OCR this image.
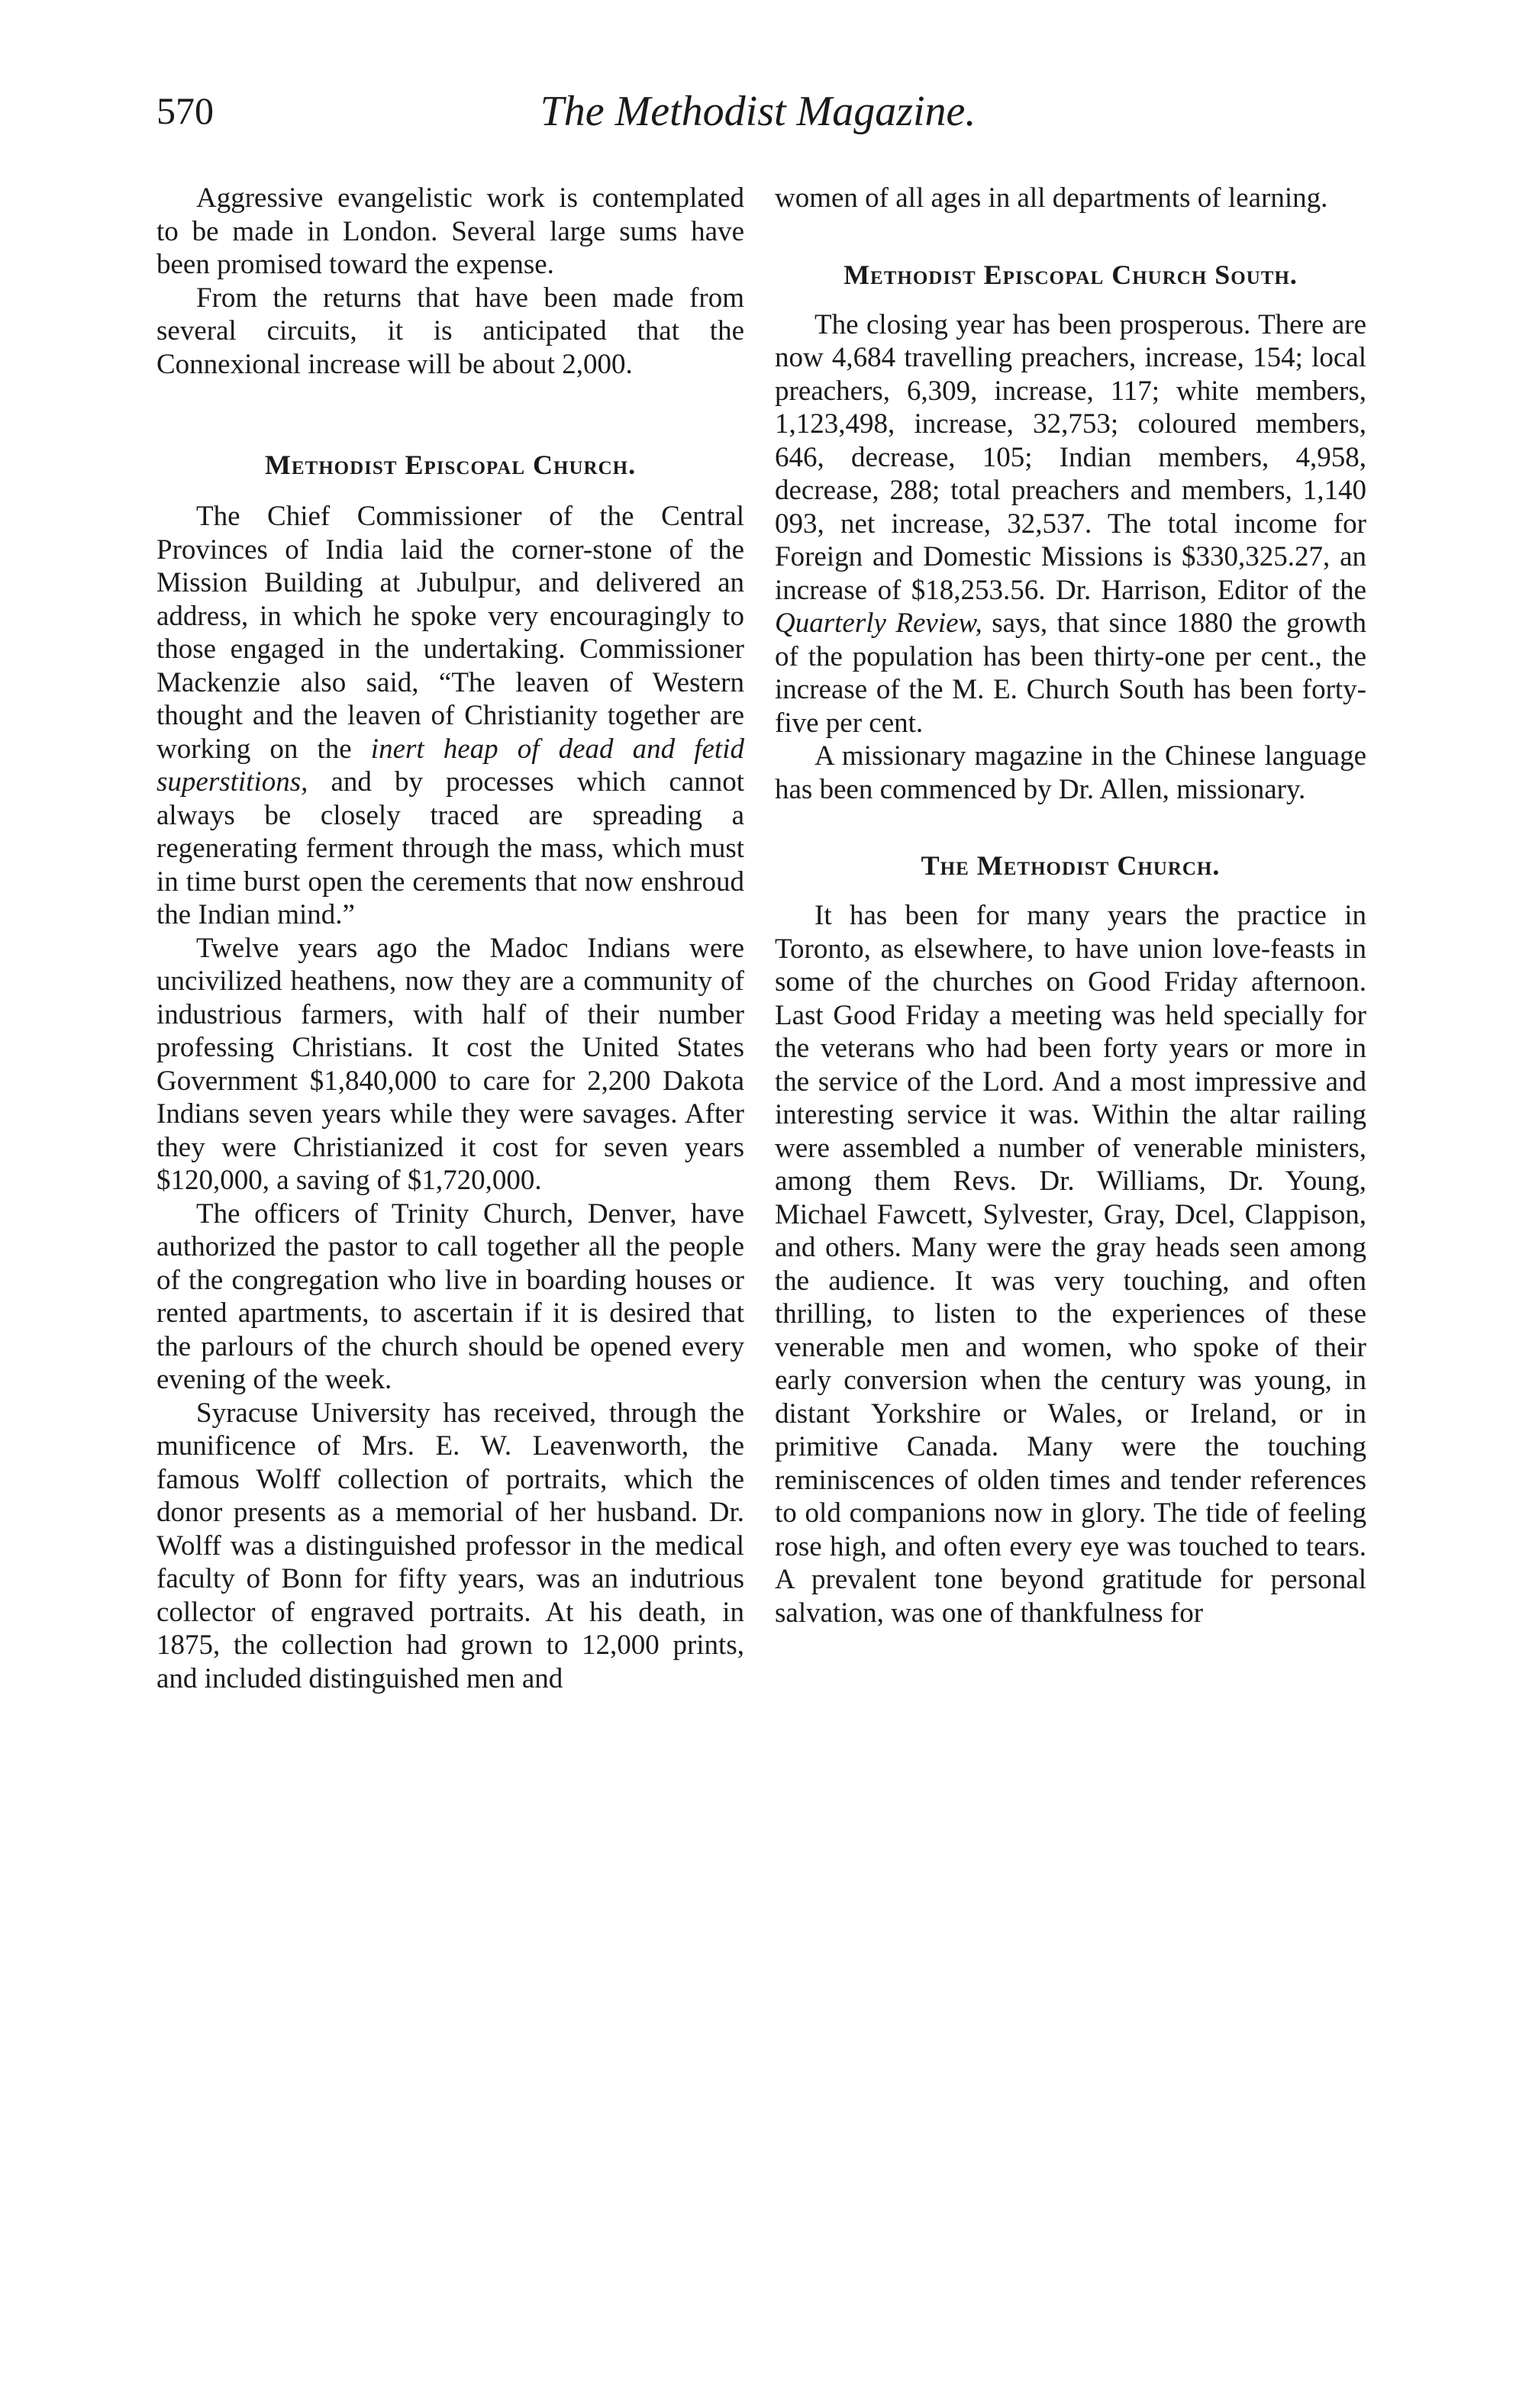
570	The Methodist Magazine.

Aggressive evangelistic work is contemplated to be made in London. Several large sums have been promised toward the expense.

From the returns that have been made from several circuits, it is anticipated that the Connexional increase will be about 2,000.

Methodist Episcopal Church.

The Chief Commissioner of the Central Provinces of India laid the corner-stone of the Mission Building at Jubulpur, and delivered an address, in which he spoke very encouragingly to those engaged in the undertaking. Commissioner Mackenzie also said, “The leaven of Western thought and the leaven of Christianity together are working on the inert heap of dead and fetid superstitions, and by processes which cannot always be closely traced are spreading a regenerating ferment through the mass, which must in time burst open the cerements that now enshroud the Indian mind.”

Twelve years ago the Madoc Indians were uncivilized heathens, now they are a community of industrious farmers, with half of their number professing Christians. It cost the United States Government $1,840,000 to care for 2,200 Dakota Indians seven years while they were savages. After they were Christianized it cost for seven years $120,000, a saving of $1,720,000.

The officers of Trinity Church, Denver, have authorized the pastor to call together all the people of the congregation who live in boarding houses or rented apartments, to ascertain if it is desired that the parlours of the church should be opened every evening of the week.

Syracuse University has received, through the munificence of Mrs. E. W. Leavenworth, the famous Wolff collection of portraits, which the donor presents as a memorial of her husband. Dr. Wolff was a distinguished professor in the medical faculty of Bonn for fifty years, was an indutrious collector of engraved portraits. At his death, in 1875, the collection had grown to 12,000 prints, and included distinguished men and

women of all ages in all departments of learning.

Methodist Episcopal Church South.

The closing year has been prosperous. There are now 4,684 travelling preachers, increase, 154; local preachers, 6,309, increase, 117; white members, 1,123,498, increase, 32,753; coloured members, 646, decrease, 105; Indian members, 4,958, decrease, 288; total preachers and members, 1,140 093, net increase, 32,537. The total income for Foreign and Domestic Missions is $330,325.27, an increase of $18,253.56. Dr. Harrison, Editor of the Quarterly Review, says, that since 1880 the growth of the population has been thirty-one per cent., the increase of the M. E. Church South has been forty-five per cent.

A missionary magazine in the Chinese language has been commenced by Dr. Allen, missionary.

The Methodist Church.

It has been for many years the practice in Toronto, as elsewhere, to have union love-feasts in some of the churches on Good Friday afternoon. Last Good Friday a meeting was held specially for the veterans who had been forty years or more in the service of the Lord. And a most impressive and interesting service it was. Within the altar railing were assembled a number of venerable ministers, among them Revs. Dr. Williams, Dr. Young, Michael Fawcett, Sylvester, Gray, Dcel, Clappison, and others. Many were the gray heads seen among the audience. It was very touching, and often thrilling, to listen to the experiences of these venerable men and women, who spoke of their early conversion when the century was young, in distant Yorkshire or Wales, or Ireland, or in primitive Canada. Many were the touching reminiscences of olden times and tender references to old companions now in glory. The tide of feeling rose high, and often every eye was touched to tears. A prevalent tone beyond gratitude for personal salvation, was one of thankfulness for
